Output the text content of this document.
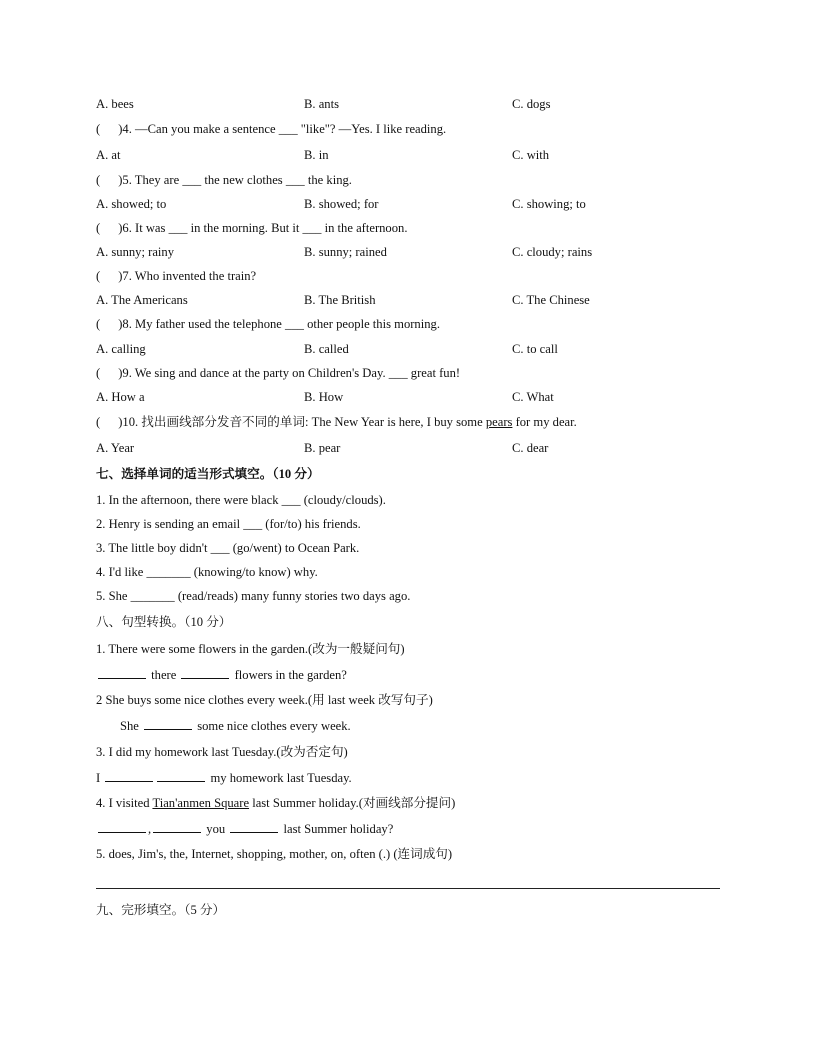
A. bees	B. ants	C. dogs
( )4. —Can you make a sentence ___ "like"? —Yes. I like reading.
A. at	B. in	C. with
( )5. They are ___ the new clothes ___ the king.
A. showed; to	B. showed; for	C. showing; to
( )6. It was ___ in the morning. But it ___ in the afternoon.
A. sunny; rainy	B. sunny; rained	C. cloudy; rains
( )7. Who invented the train?
A. The Americans	B. The British	C. The Chinese
( )8. My father used the telephone ___ other people this morning.
A. calling	B. called	C. to call
( )9. We sing and dance at the party on Children's Day. ___ great fun!
A. How a	B. How	C. What
( )10. 找出画线部分发音不同的单词: The New Year is here, I buy some pears for my dear.
A. Year	B. pear	C. dear
七、选择单词的适当形式填空。（10 分）
1. In the afternoon, there were black ___ (cloudy/clouds).
2. Henry is sending an email ___ (for/to) his friends.
3. The little boy didn't ___ (go/went) to Ocean Park.
4. I'd like _______ (knowing/to know) why.
5. She _______ (read/reads) many funny stories two days ago.
八、句型转换。（10 分）
1. There were some flowers in the garden.(改为一般疑问句)
there	flowers in the garden?
2 She buys some nice clothes every week.(用 last week 改写句子)
She	some nice clothes every week.
3. I did my homework last Tuesday.(改为否定句)
I	my homework last Tuesday.
4. I visited Tian'anmen Square last Summer holiday.(对画线部分提问)
,	you	last Summer holiday?
5. does, Jim's, the, Internet, shopping, mother, on, often (.) (连词成句)
九、完形填空。（5 分）
